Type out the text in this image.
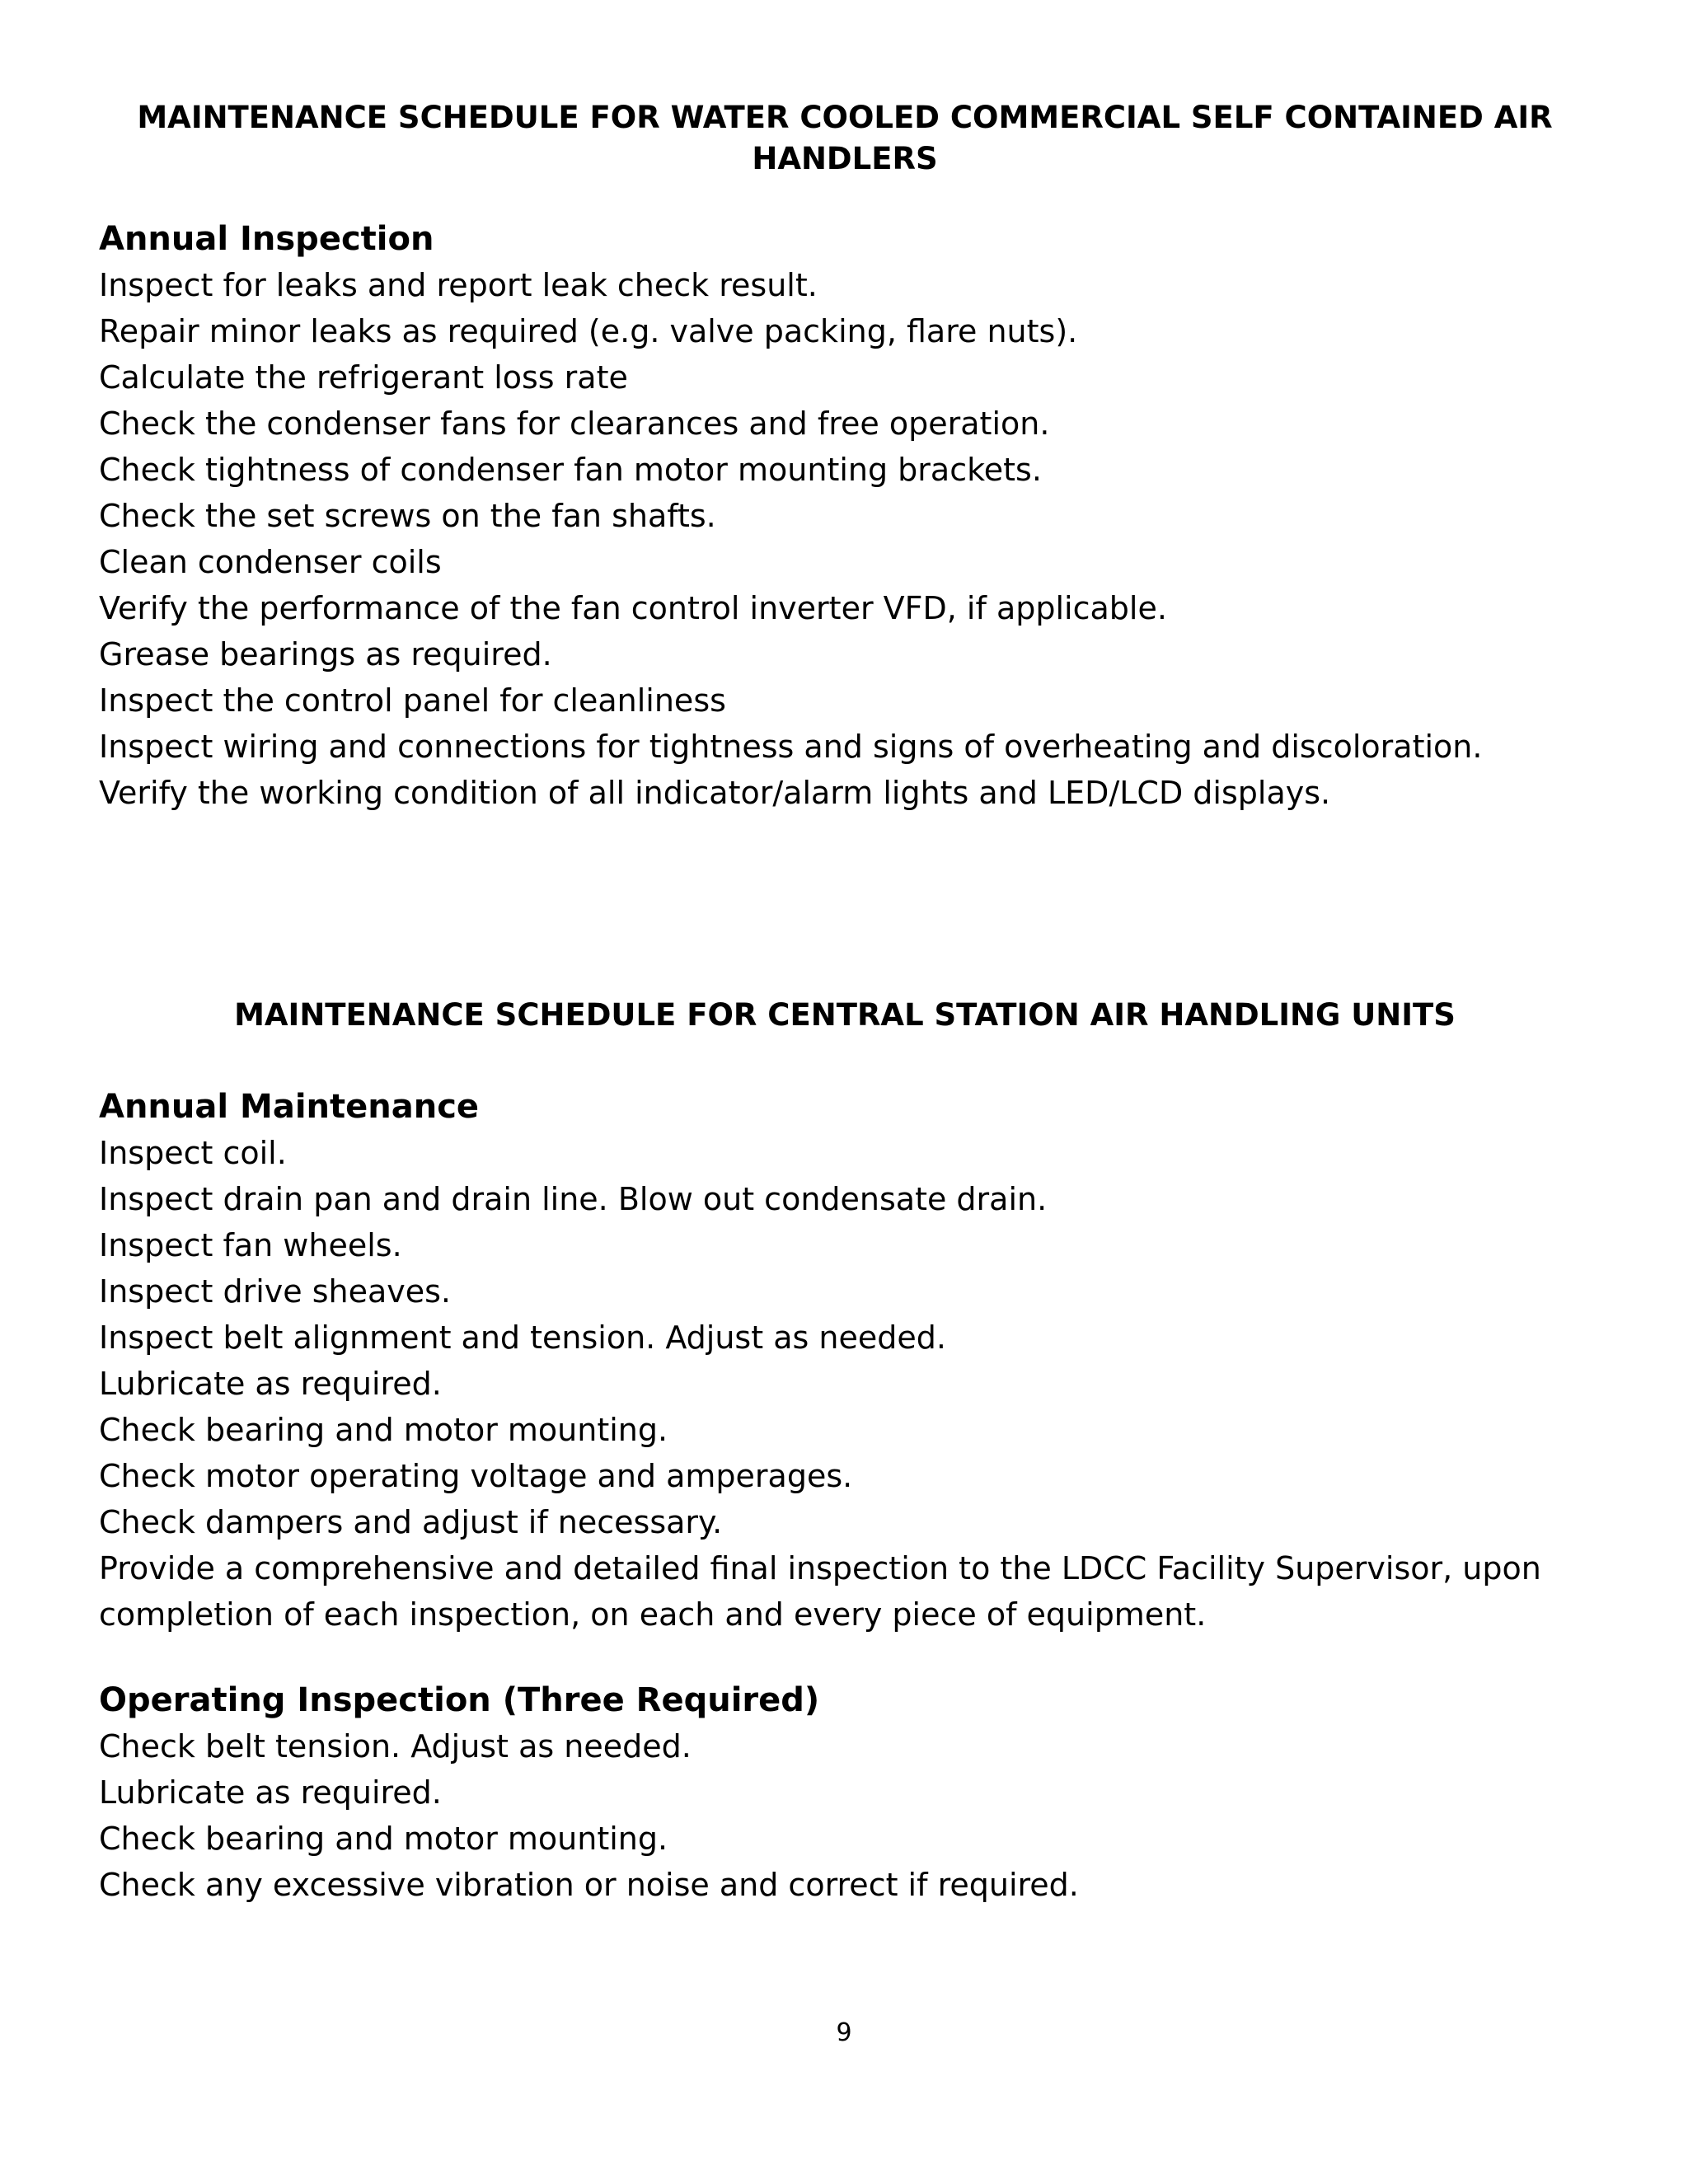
MAINTENANCE SCHEDULE FOR WATER COOLED COMMERCIAL SELF CONTAINED AIR HANDLERS

Annual Inspection

Inspect for leaks and report leak check result.

Repair minor leaks as required (e.g. valve packing, flare nuts).

Calculate the refrigerant loss rate

Check the condenser fans for clearances and free operation.

Check tightness of condenser fan motor mounting brackets.

Check the set screws on the fan shafts.

Clean condenser coils

Verify the performance of the fan control inverter VFD, if applicable.

Grease bearings as required.

Inspect the control panel for cleanliness

Inspect wiring and connections for tightness and signs of overheating and discoloration.

Verify the working condition of all indicator/alarm lights and LED/LCD displays.

MAINTENANCE SCHEDULE FOR CENTRAL STATION AIR HANDLING UNITS

Annual Maintenance

Inspect coil.

Inspect drain pan and drain line. Blow out condensate drain.

Inspect fan wheels.

Inspect drive sheaves.

Inspect belt alignment and tension. Adjust as needed.

Lubricate as required.

Check bearing and motor mounting.

Check motor operating voltage and amperages.

Check dampers and adjust if necessary.

Provide a comprehensive and detailed final inspection to the LDCC Facility Supervisor, upon

completion of each inspection, on each and every piece of equipment.

Operating Inspection (Three Required)

Check belt tension. Adjust as needed.

Lubricate as required.

Check bearing and motor mounting.

Check any excessive vibration or noise and correct if required.

9
